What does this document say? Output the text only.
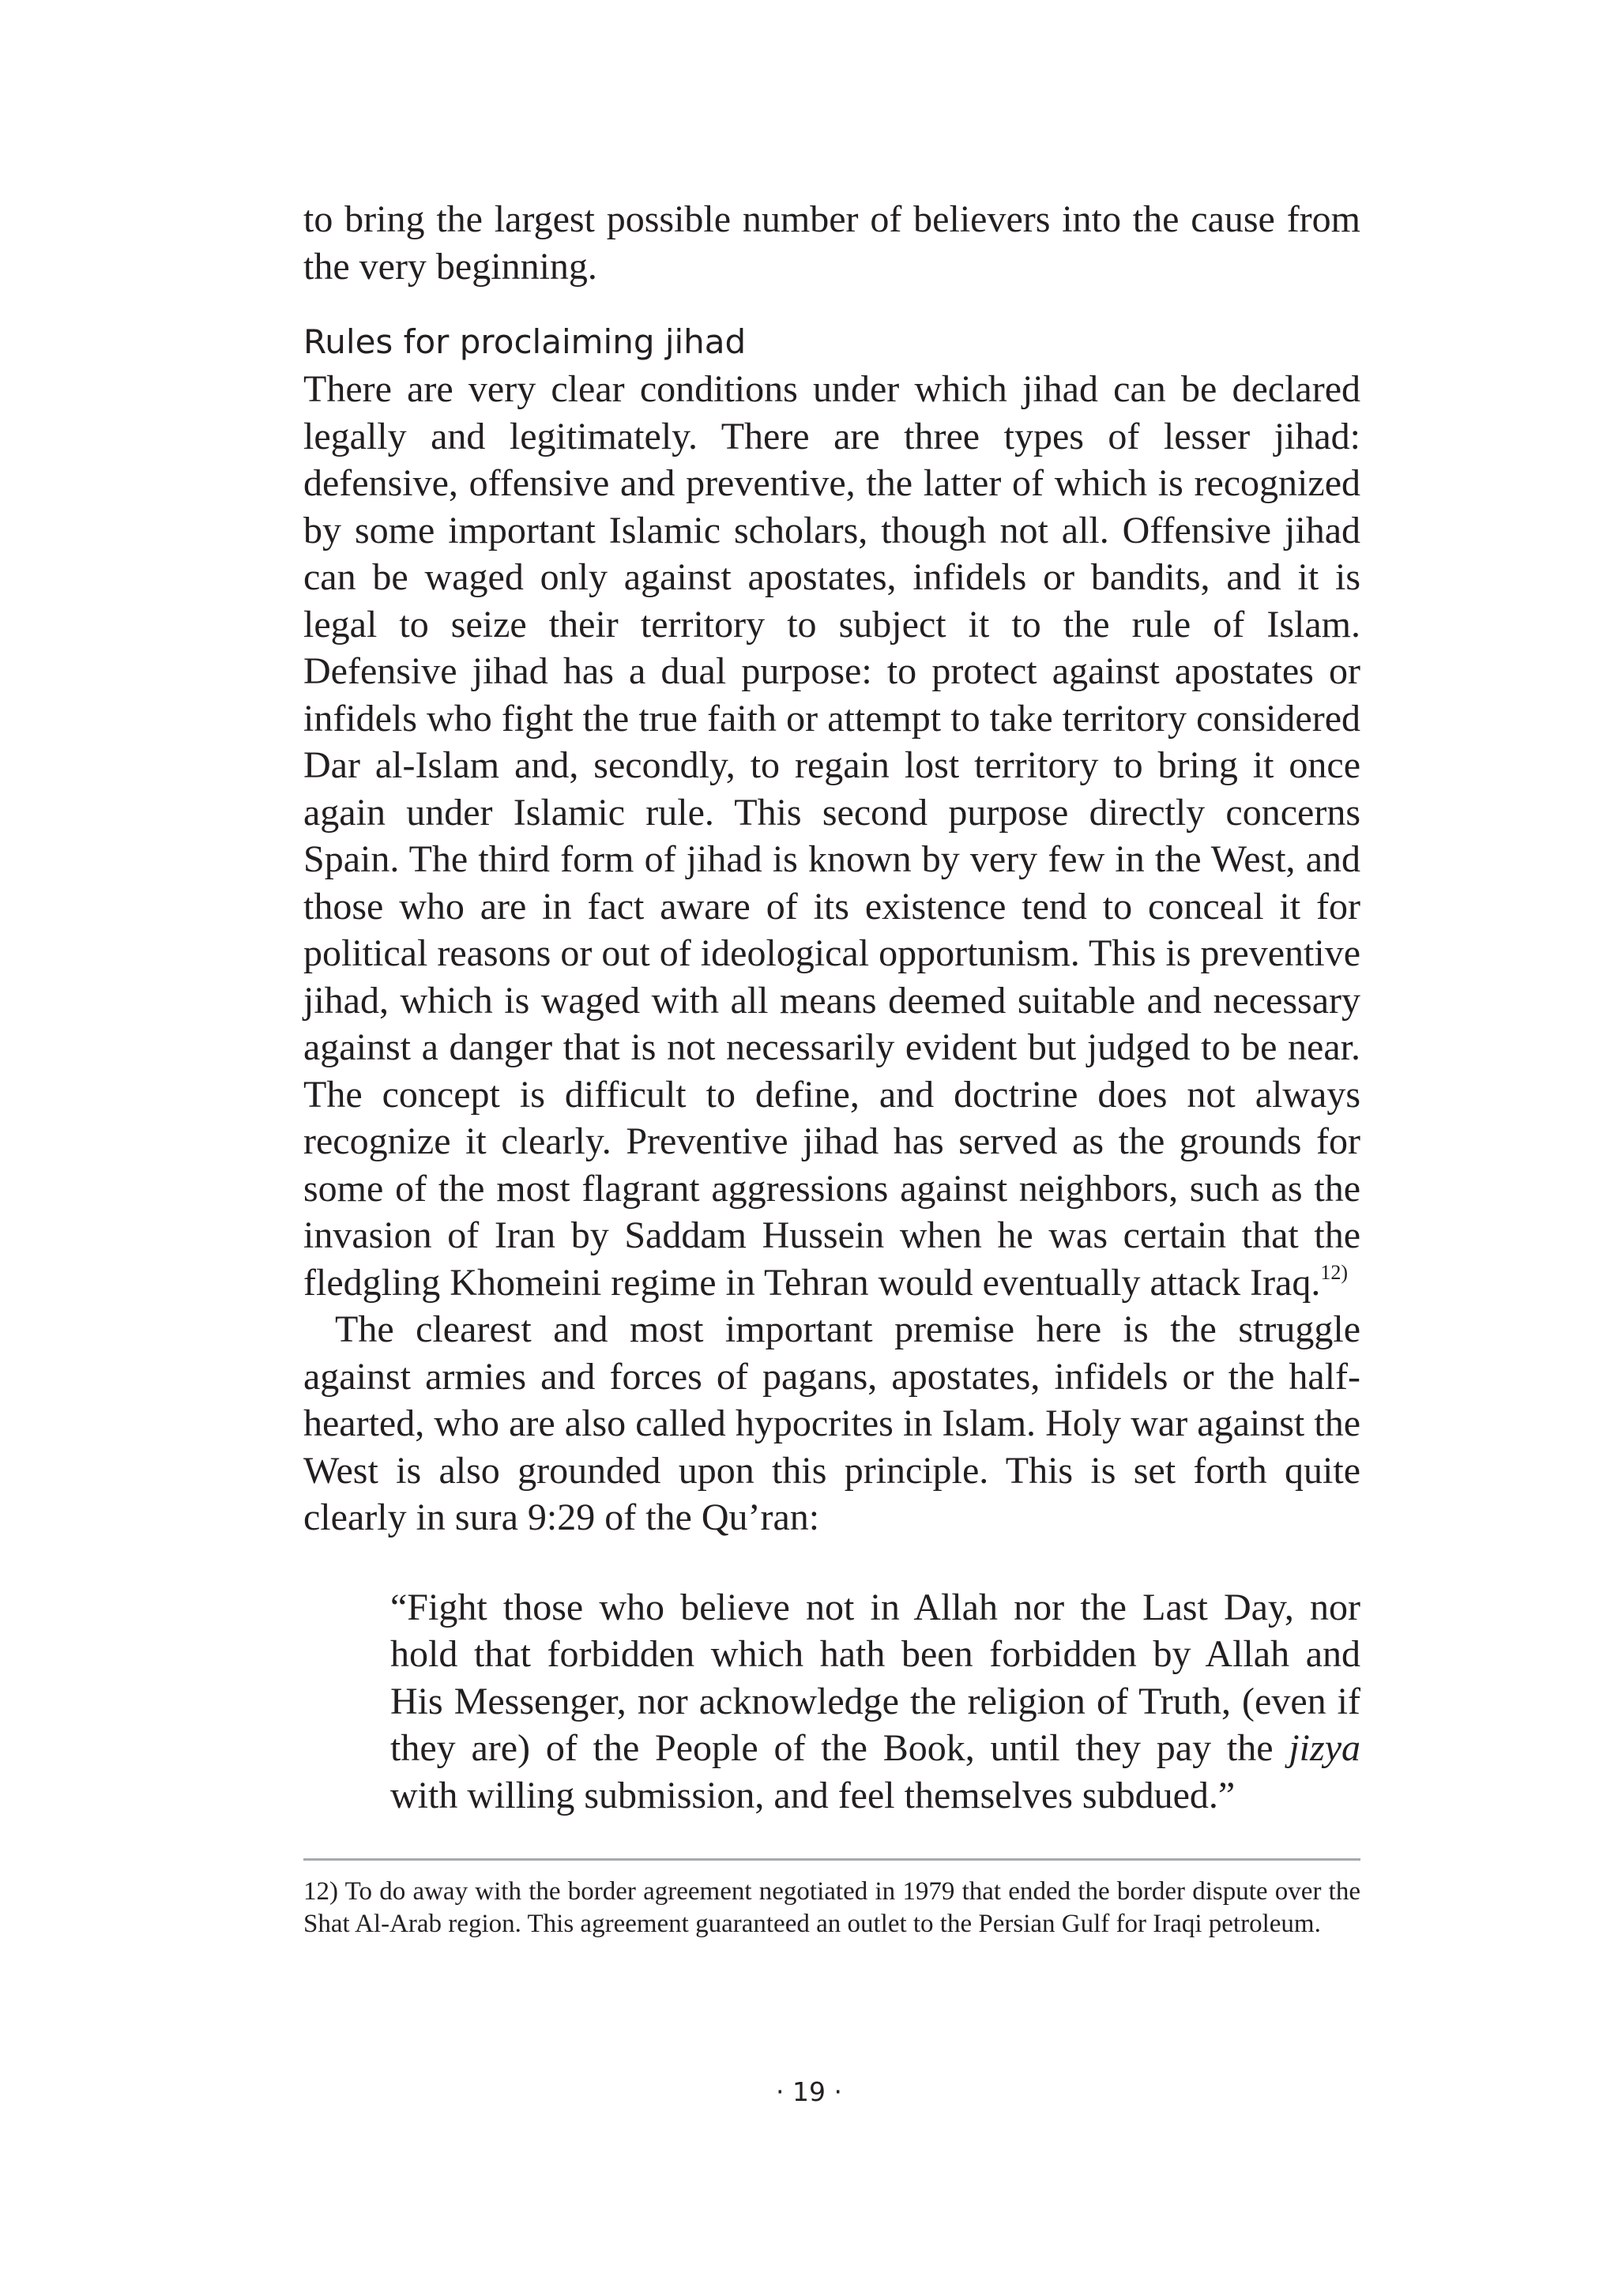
to bring the largest possible number of believers into the cause from the very beginning.

Rules for proclaiming jihad

There are very clear conditions under which jihad can be declared legally and legitimately. There are three types of lesser jihad: defensive, offensive and preventive, the latter of which is recognized by some important Islamic scholars, though not all. Offensive jihad can be waged only against apostates, infidels or bandits, and it is legal to seize their territory to subject it to the rule of Islam. Defensive jihad has a dual purpose: to protect against apostates or infidels who fight the true faith or attempt to take territory considered Dar al-Islam and, secondly, to regain lost territory to bring it once again under Islamic rule. This second purpose directly concerns Spain. The third form of jihad is known by very few in the West, and those who are in fact aware of its existence tend to conceal it for political reasons or out of ideological opportunism. This is preventive jihad, which is waged with all means deemed suitable and necessary against a danger that is not necessarily evident but judged to be near. The concept is difficult to define, and doctrine does not always recognize it clearly. Preventive jihad has served as the grounds for some of the most flagrant aggressions against neighbors, such as the invasion of Iran by Saddam Hussein when he was certain that the fledgling Khomeini regime in Tehran would eventually attack Iraq.$^{12)}$

The clearest and most important premise here is the struggle against armies and forces of pagans, apostates, infidels or the half-hearted, who are also called hypocrites in Islam. Holy war against the West is also grounded upon this principle. This is set forth quite clearly in sura 9:29 of the Qu’ran:

“Fight those who believe not in Allah nor the Last Day, nor hold that forbidden which hath been forbidden by Allah and His Messenger, nor acknowledge the religion of Truth, (even if they are) of the People of the Book, until they pay the jizya with willing submission, and feel themselves subdued.”

12) To do away with the border agreement negotiated in 1979 that ended the border dispute over the Shat Al-Arab region. This agreement guaranteed an outlet to the Persian Gulf for Iraqi petroleum.

· 19 ·
